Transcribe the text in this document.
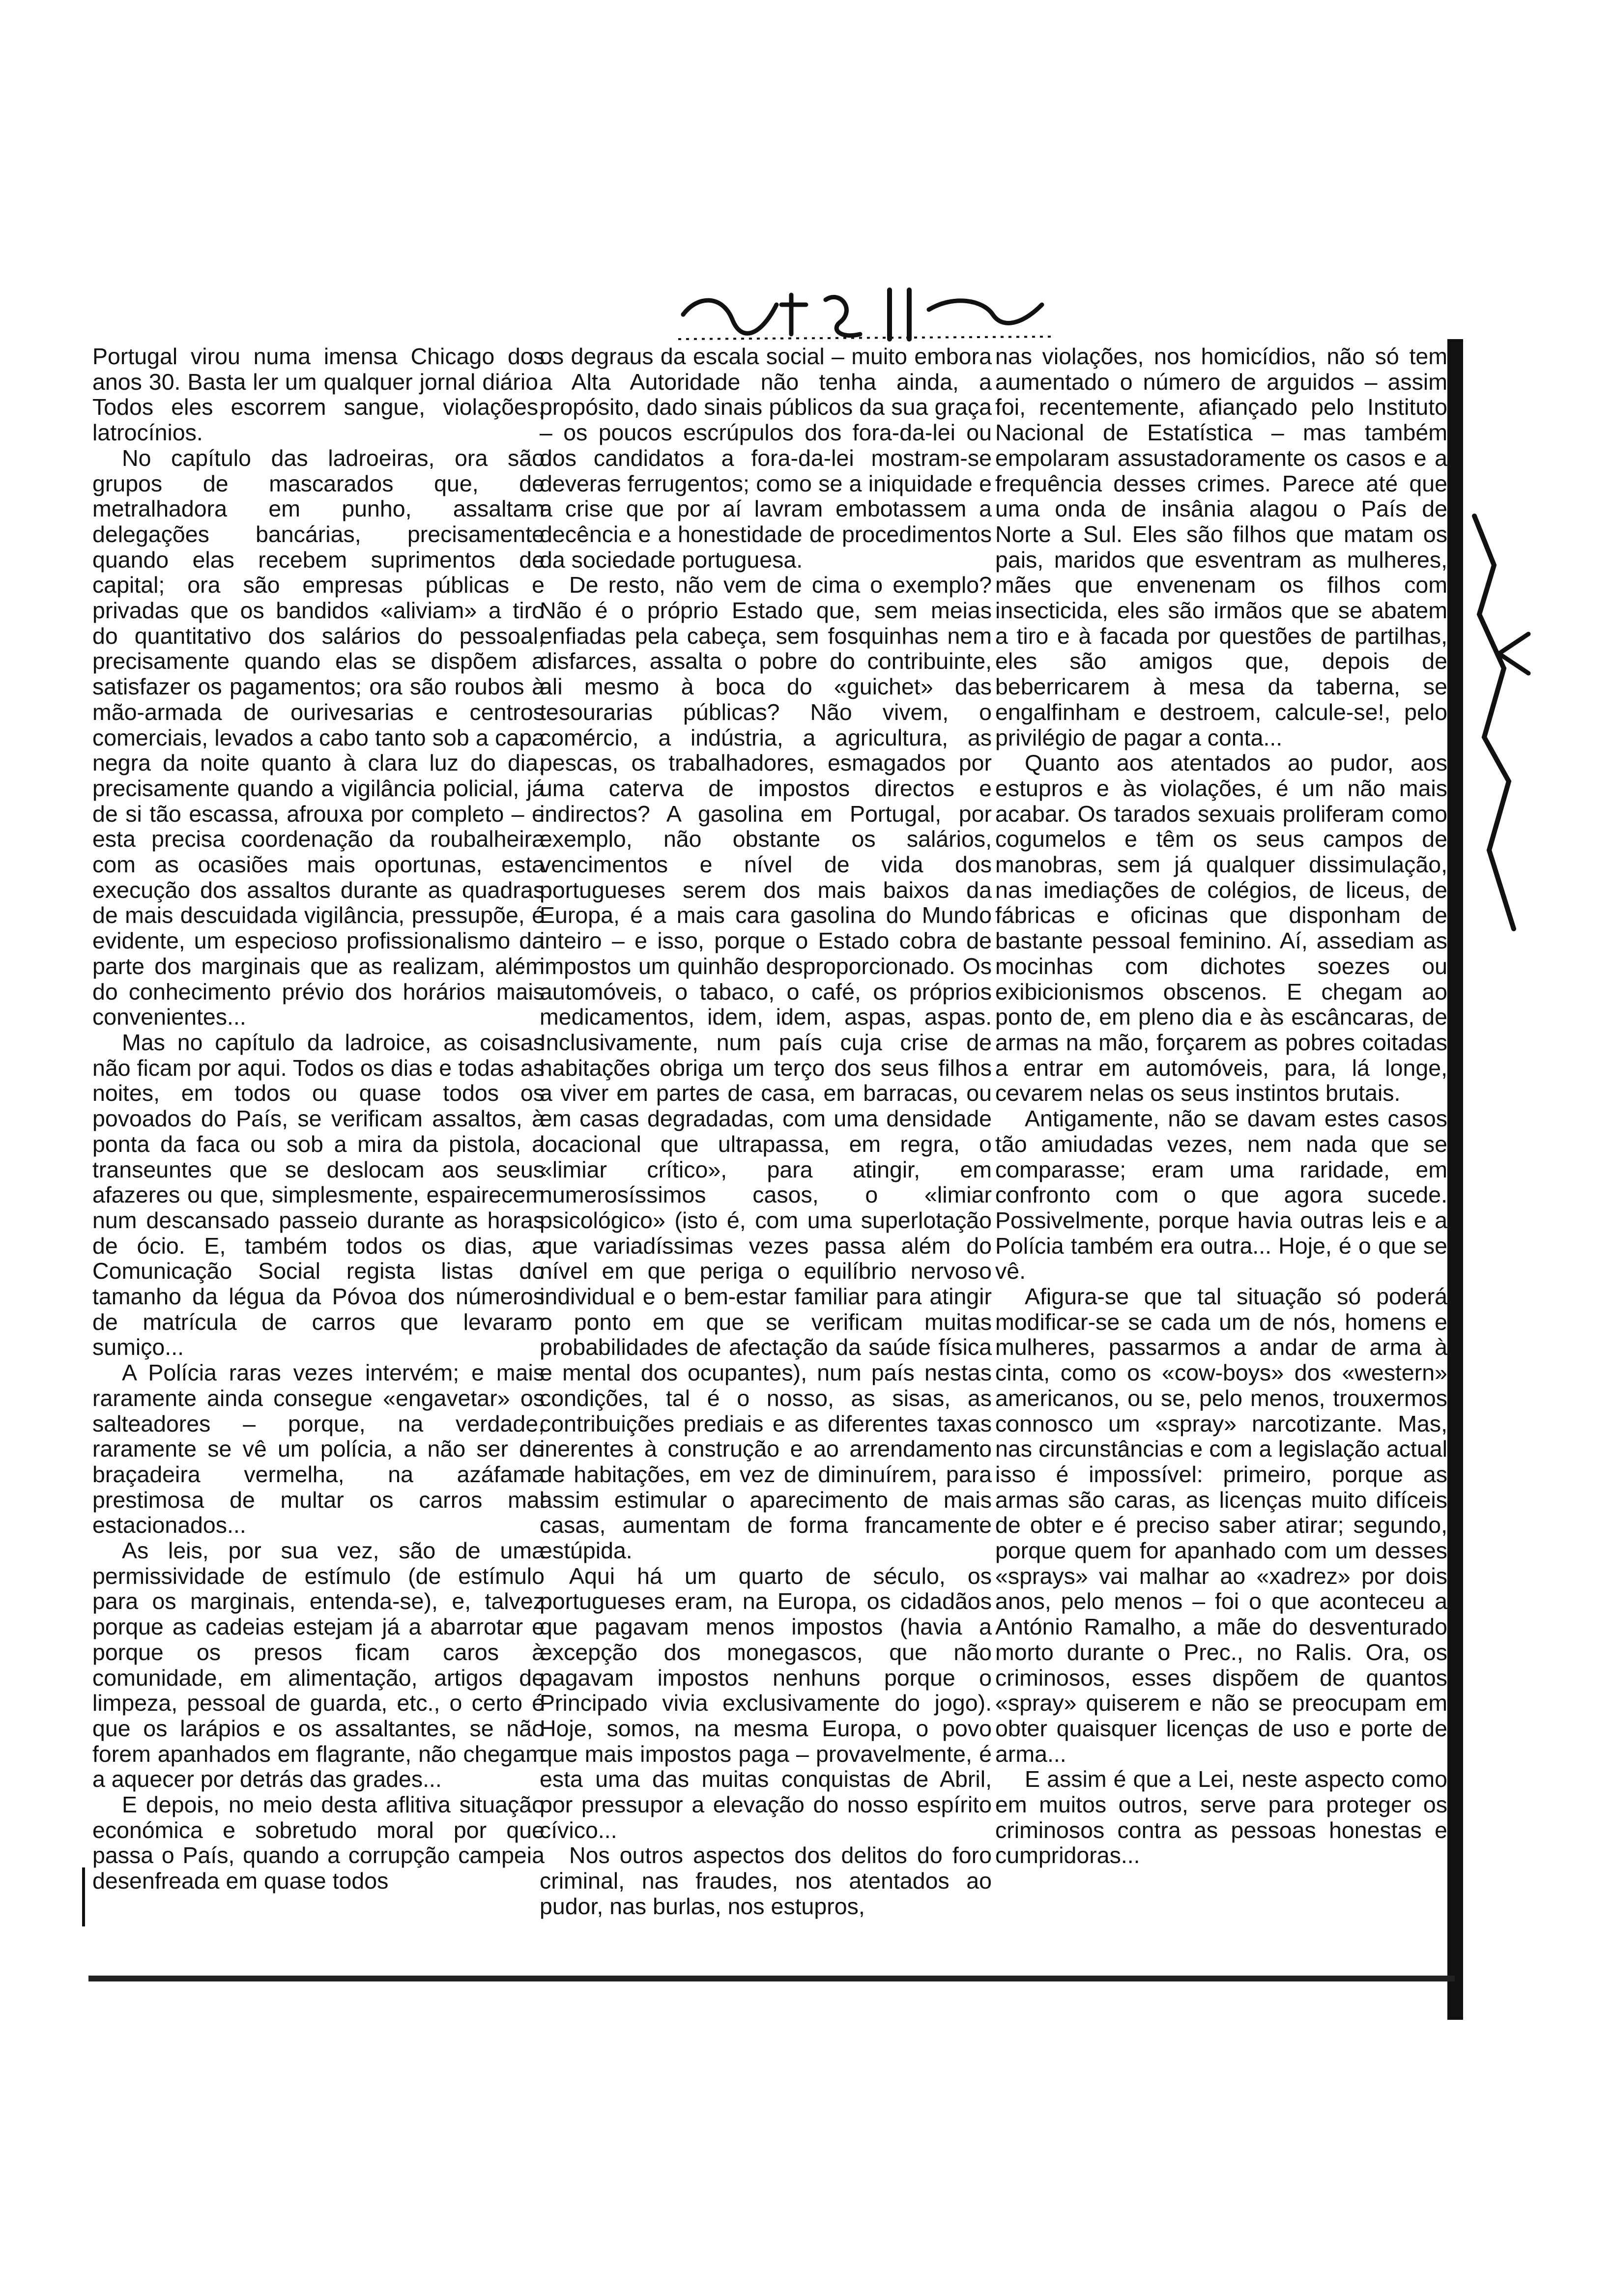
Portugal virou numa imensa Chicago dos anos 30. Basta ler um qualquer jornal diário. Todos eles escorrem sangue, violações, latrocínios.

No capítulo das ladroeiras, ora são grupos de mascarados que, de metralhadora em punho, assaltam delegações bancárias, precisamente quando elas recebem suprimentos de capital; ora são empresas públicas e privadas que os bandidos «aliviam» a tiro do quantitativo dos salários do pessoal, precisamente quando elas se dispõem a satisfazer os pagamentos; ora são roubos à mão-armada de ourivesarias e centros comerciais, levados a cabo tanto sob a capa negra da noite quanto à clara luz do dia, precisamente quando a vigilância policial, já de si tão escassa, afrouxa por completo – e esta precisa coordenação da roubalheira com as ocasiões mais oportunas, esta execução dos assaltos durante as quadras de mais descuidada vigilância, pressupõe, é evidente, um especioso profissionalismo da parte dos marginais que as realizam, além do conhecimento prévio dos horários mais convenientes...

Mas no capítulo da ladroice, as coisas não ficam por aqui. Todos os dias e todas as noites, em todos ou quase todos os povoados do País, se verificam assaltos, à ponta da faca ou sob a mira da pistola, a transeuntes que se deslocam aos seus afazeres ou que, simplesmente, espairecem num descansado passeio durante as horas de ócio. E, também todos os dias, a Comunicação Social regista listas do tamanho da légua da Póvoa dos números de matrícula de carros que levaram sumiço...

A Polícia raras vezes intervém; e mais raramente ainda consegue «engavetar» os salteadores – porque, na verdade, raramente se vê um polícia, a não ser de braçadeira vermelha, na azáfama prestimosa de multar os carros mal estacionados...

As leis, por sua vez, são de uma permissividade de estímulo (de estímulo para os marginais, entenda-se), e, talvez porque as cadeias estejam já a abarrotar e porque os presos ficam caros à comunidade, em alimentação, artigos de limpeza, pessoal de guarda, etc., o certo é que os larápios e os assaltantes, se não forem apanhados em flagrante, não chegam a aquecer por detrás das grades...

E depois, no meio desta aflitiva situação económica e sobretudo moral por que passa o País, quando a corrupção campeia desenfreada em quase todos

os degraus da escala social – muito embora a Alta Autoridade não tenha ainda, a propósito, dado sinais públicos da sua graça – os poucos escrúpulos dos fora-da-lei ou dos candidatos a fora-da-lei mostram-se deveras ferrugentos; como se a iniquidade e a crise que por aí lavram embotassem a decência e a honestidade de procedimentos da sociedade portuguesa.

De resto, não vem de cima o exemplo? Não é o próprio Estado que, sem meias enfiadas pela cabeça, sem fosquinhas nem disfarces, assalta o pobre do contribuinte, ali mesmo à boca do «guichet» das tesourarias públicas? Não vivem, o comércio, a indústria, a agricultura, as pescas, os trabalhadores, esmagados por uma caterva de impostos directos e indirectos? A gasolina em Portugal, por exemplo, não obstante os salários, vencimentos e nível de vida dos portugueses serem dos mais baixos da Europa, é a mais cara gasolina do Mundo inteiro – e isso, porque o Estado cobra de impostos um quinhão desproporcionado. Os automóveis, o tabaco, o café, os próprios medicamentos, idem, idem, aspas, aspas. Inclusivamente, num país cuja crise de habitações obriga um terço dos seus filhos a viver em partes de casa, em barracas, ou em casas degradadas, com uma densidade locacional que ultrapassa, em regra, o «limiar crítico», para atingir, em numerosíssimos casos, o «limiar psicológico» (isto é, com uma superlotação que variadíssimas vezes passa além do nível em que periga o equilíbrio nervoso individual e o bem-estar familiar para atingir o ponto em que se verificam muitas probabilidades de afectação da saúde física e mental dos ocupantes), num país nestas condições, tal é o nosso, as sisas, as contribuições prediais e as diferentes taxas inerentes à construção e ao arrendamento de habitações, em vez de diminuírem, para assim estimular o aparecimento de mais casas, aumentam de forma francamente estúpida.

Aqui há um quarto de século, os portugueses eram, na Europa, os cidadãos que pagavam menos impostos (havia a excepção dos monegascos, que não pagavam impostos nenhuns porque o Principado vivia exclusivamente do jogo). Hoje, somos, na mesma Europa, o povo que mais impostos paga – provavelmente, é esta uma das muitas conquistas de Abril, por pressupor a elevação do nosso espírito cívico...

Nos outros aspectos dos delitos do foro criminal, nas fraudes, nos atentados ao pudor, nas burlas, nos estupros,

nas violações, nos homicídios, não só tem aumentado o número de arguidos – assim foi, recentemente, afiançado pelo Instituto Nacional de Estatística – mas também empolaram assustadoramente os casos e a frequência desses crimes. Parece até que uma onda de insânia alagou o País de Norte a Sul. Eles são filhos que matam os pais, maridos que esventram as mulheres, mães que envenenam os filhos com insecticida, eles são irmãos que se abatem a tiro e à facada por questões de partilhas, eles são amigos que, depois de beberricarem à mesa da taberna, se engalfinham e destroem, calcule-se!, pelo privilégio de pagar a conta...

Quanto aos atentados ao pudor, aos estupros e às violações, é um não mais acabar. Os tarados sexuais proliferam como cogumelos e têm os seus campos de manobras, sem já qualquer dissimulação, nas imediações de colégios, de liceus, de fábricas e oficinas que disponham de bastante pessoal feminino. Aí, assediam as mocinhas com dichotes soezes ou exibicionismos obscenos. E chegam ao ponto de, em pleno dia e às escâncaras, de armas na mão, forçarem as pobres coitadas a entrar em automóveis, para, lá longe, cevarem nelas os seus instintos brutais.

Antigamente, não se davam estes casos tão amiudadas vezes, nem nada que se comparasse; eram uma raridade, em confronto com o que agora sucede. Possivelmente, porque havia outras leis e a Polícia também era outra... Hoje, é o que se vê.

Afigura-se que tal situação só poderá modificar-se se cada um de nós, homens e mulheres, passarmos a andar de arma à cinta, como os «cow-boys» dos «western» americanos, ou se, pelo menos, trouxermos connosco um «spray» narcotizante. Mas, nas circunstâncias e com a legislação actual isso é impossível: primeiro, porque as armas são caras, as licenças muito difíceis de obter e é preciso saber atirar; segundo, porque quem for apanhado com um desses «sprays» vai malhar ao «xadrez» por dois anos, pelo menos – foi o que aconteceu a António Ramalho, a mãe do desventurado morto durante o Prec., no Ralis. Ora, os criminosos, esses dispõem de quantos «spray» quiserem e não se preocupam em obter quaisquer licenças de uso e porte de arma...

E assim é que a Lei, neste aspecto como em muitos outros, serve para proteger os criminosos contra as pessoas honestas e cumpridoras...
